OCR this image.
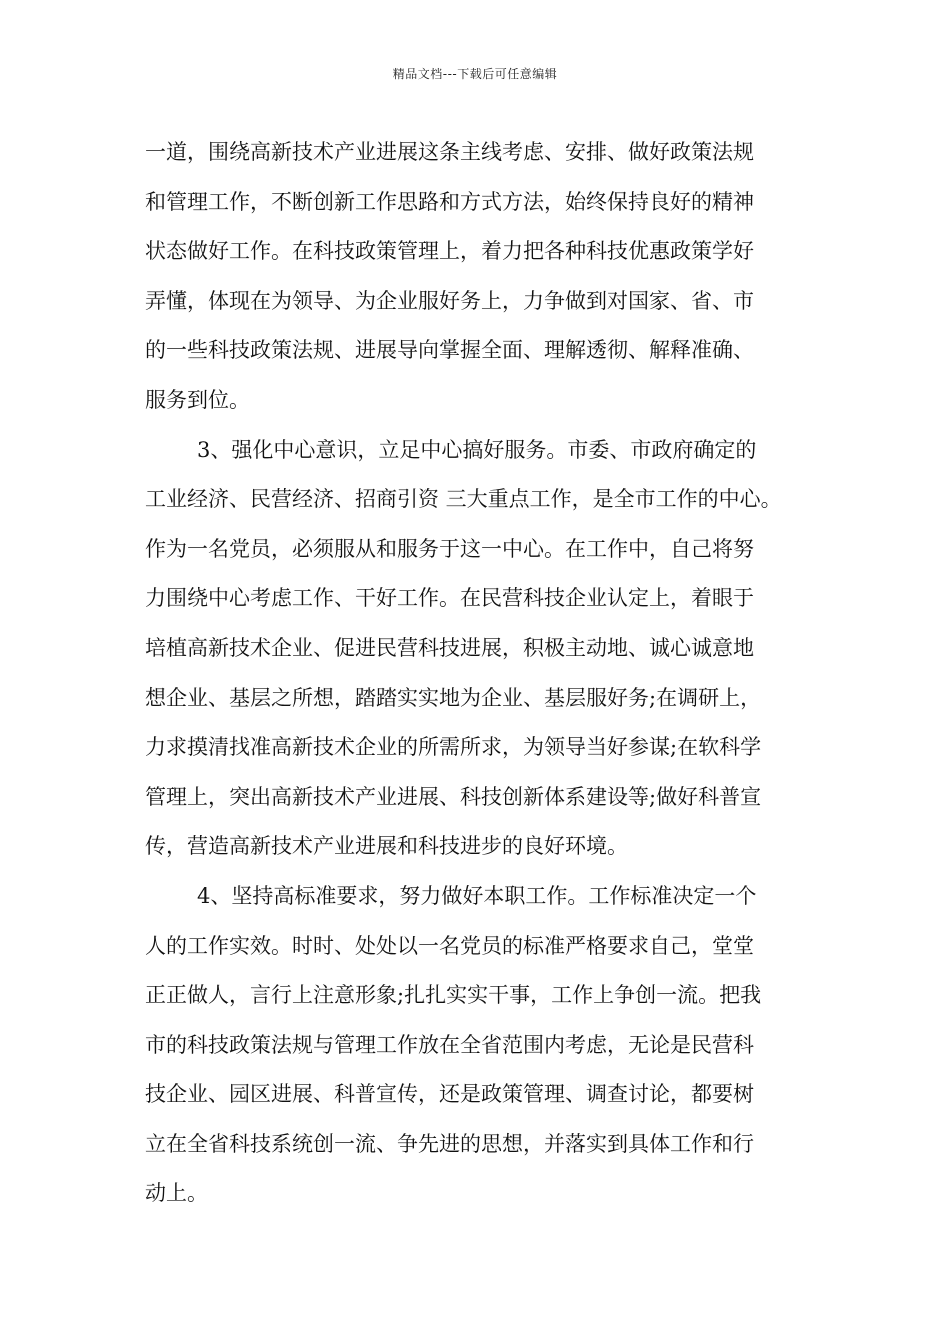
精品文档---下载后可任意编辑
一道，围绕高新技术产业进展这条主线考虑、安排、做好政策法规
和管理工作，不断创新工作思路和方式方法，始终保持良好的精神
状态做好工作。在科技政策管理上，着力把各种科技优惠政策学好
弄懂，体现在为领导、为企业服好务上，力争做到对国家、省、市
的一些科技政策法规、进展导向掌握全面、理解透彻、解释准确、
服务到位。
3、强化中心意识，立足中心搞好服务。市委、市政府确定的
工业经济、民营经济、招商引资 三大重点工作，是全市工作的中心。
作为一名党员，必须服从和服务于这一中心。在工作中，自己将努
力围绕中心考虑工作、干好工作。在民营科技企业认定上，着眼于
培植高新技术企业、促进民营科技进展，积极主动地、诚心诚意地
想企业、基层之所想，踏踏实实地为企业、基层服好务;在调研上，
力求摸清找准高新技术企业的所需所求，为领导当好参谋;在软科学
管理上，突出高新技术产业进展、科技创新体系建设等;做好科普宣
传，营造高新技术产业进展和科技进步的良好环境。
4、坚持高标准要求，努力做好本职工作。工作标准决定一个
人的工作实效。时时、处处以一名党员的标准严格要求自己，堂堂
正正做人，言行上注意形象;扎扎实实干事，工作上争创一流。把我
市的科技政策法规与管理工作放在全省范围内考虑，无论是民营科
技企业、园区进展、科普宣传，还是政策管理、调查讨论，都要树
立在全省科技系统创一流、争先进的思想，并落实到具体工作和行
动上。
